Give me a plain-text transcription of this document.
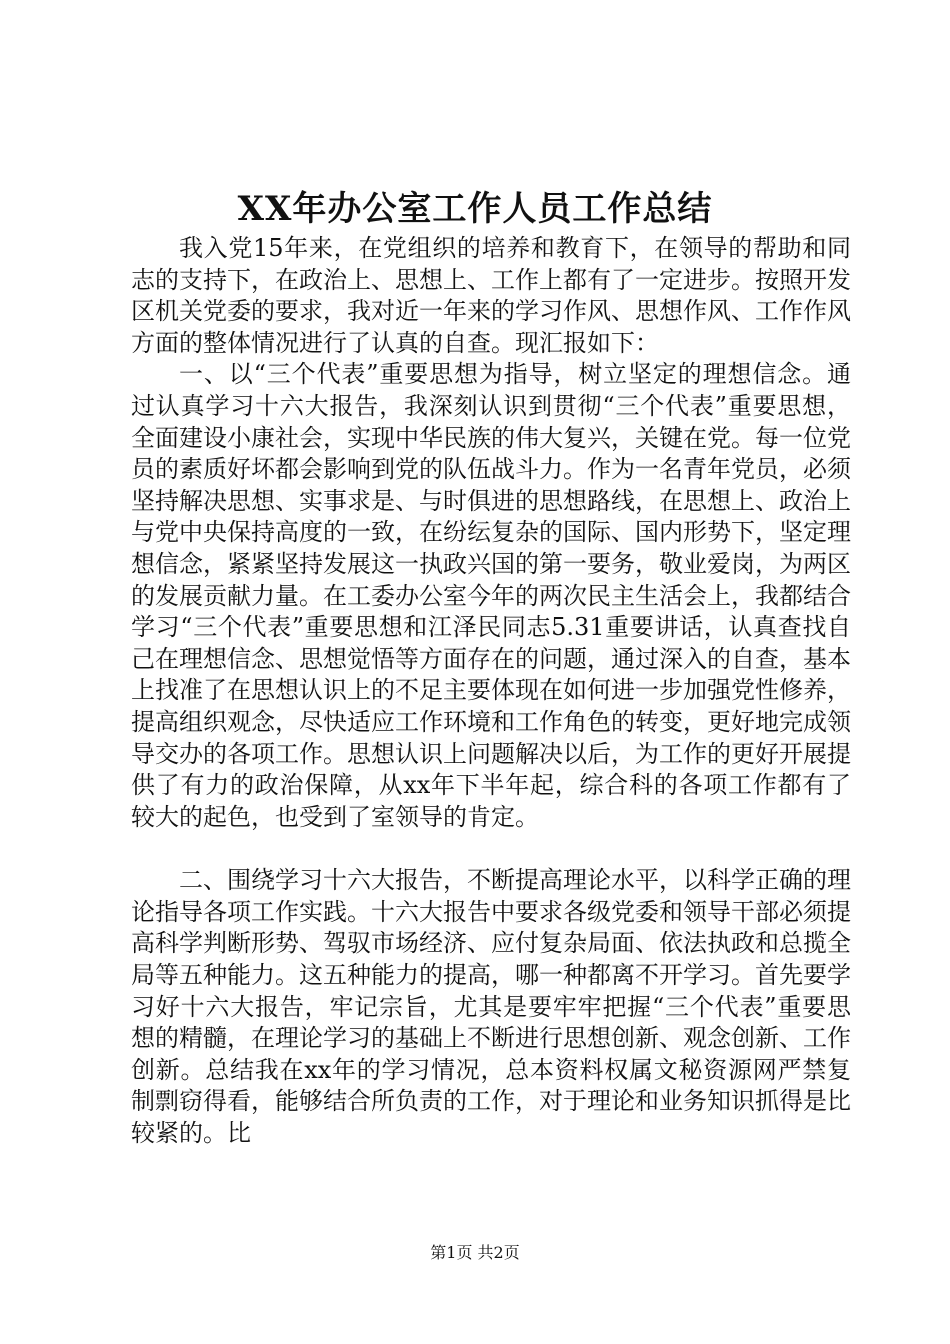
XX年办公室工作人员工作总结

我入党15年来，在党组织的培养和教育下，在领导的帮助和同志的支持下，在政治上、思想上、工作上都有了一定进步。按照开发区机关党委的要求，我对近一年来的学习作风、思想作风、工作作风方面的整体情况进行了认真的自查。现汇报如下：

一、以“三个代表”重要思想为指导，树立坚定的理想信念。通过认真学习十六大报告，我深刻认识到贯彻“三个代表”重要思想，全面建设小康社会，实现中华民族的伟大复兴，关键在党。每一位党员的素质好坏都会影响到党的队伍战斗力。作为一名青年党员，必须坚持解决思想、实事求是、与时俱进的思想路线，在思想上、政治上与党中央保持高度的一致，在纷纭复杂的国际、国内形势下，坚定理想信念，紧紧坚持发展这一执政兴国的第一要务，敬业爱岗，为两区的发展贡献力量。在工委办公室今年的两次民主生活会上，我都结合学习“三个代表”重要思想和江泽民同志5.31重要讲话，认真查找自己在理想信念、思想觉悟等方面存在的问题，通过深入的自查，基本上找准了在思想认识上的不足主要体现在如何进一步加强党性修养，提高组织观念，尽快适应工作环境和工作角色的转变，更好地完成领导交办的各项工作。思想认识上问题解决以后，为工作的更好开展提供了有力的政治保障，从xx年下半年起，综合科的各项工作都有了较大的起色，也受到了室领导的肯定。

二、围绕学习十六大报告，不断提高理论水平，以科学正确的理论指导各项工作实践。十六大报告中要求各级党委和领导干部必须提高科学判断形势、驾驭市场经济、应付复杂局面、依法执政和总揽全局等五种能力。这五种能力的提高，哪一种都离不开学习。首先要学习好十六大报告，牢记宗旨，尤其是要牢牢把握“三个代表”重要思想的精髓，在理论学习的基础上不断进行思想创新、观念创新、工作创新。总结我在xx年的学习情况，总本资料权属文秘资源网严禁复制剽窃得看，能够结合所负责的工作，对于理论和业务知识抓得是比较紧的。比

第1页 共2页
